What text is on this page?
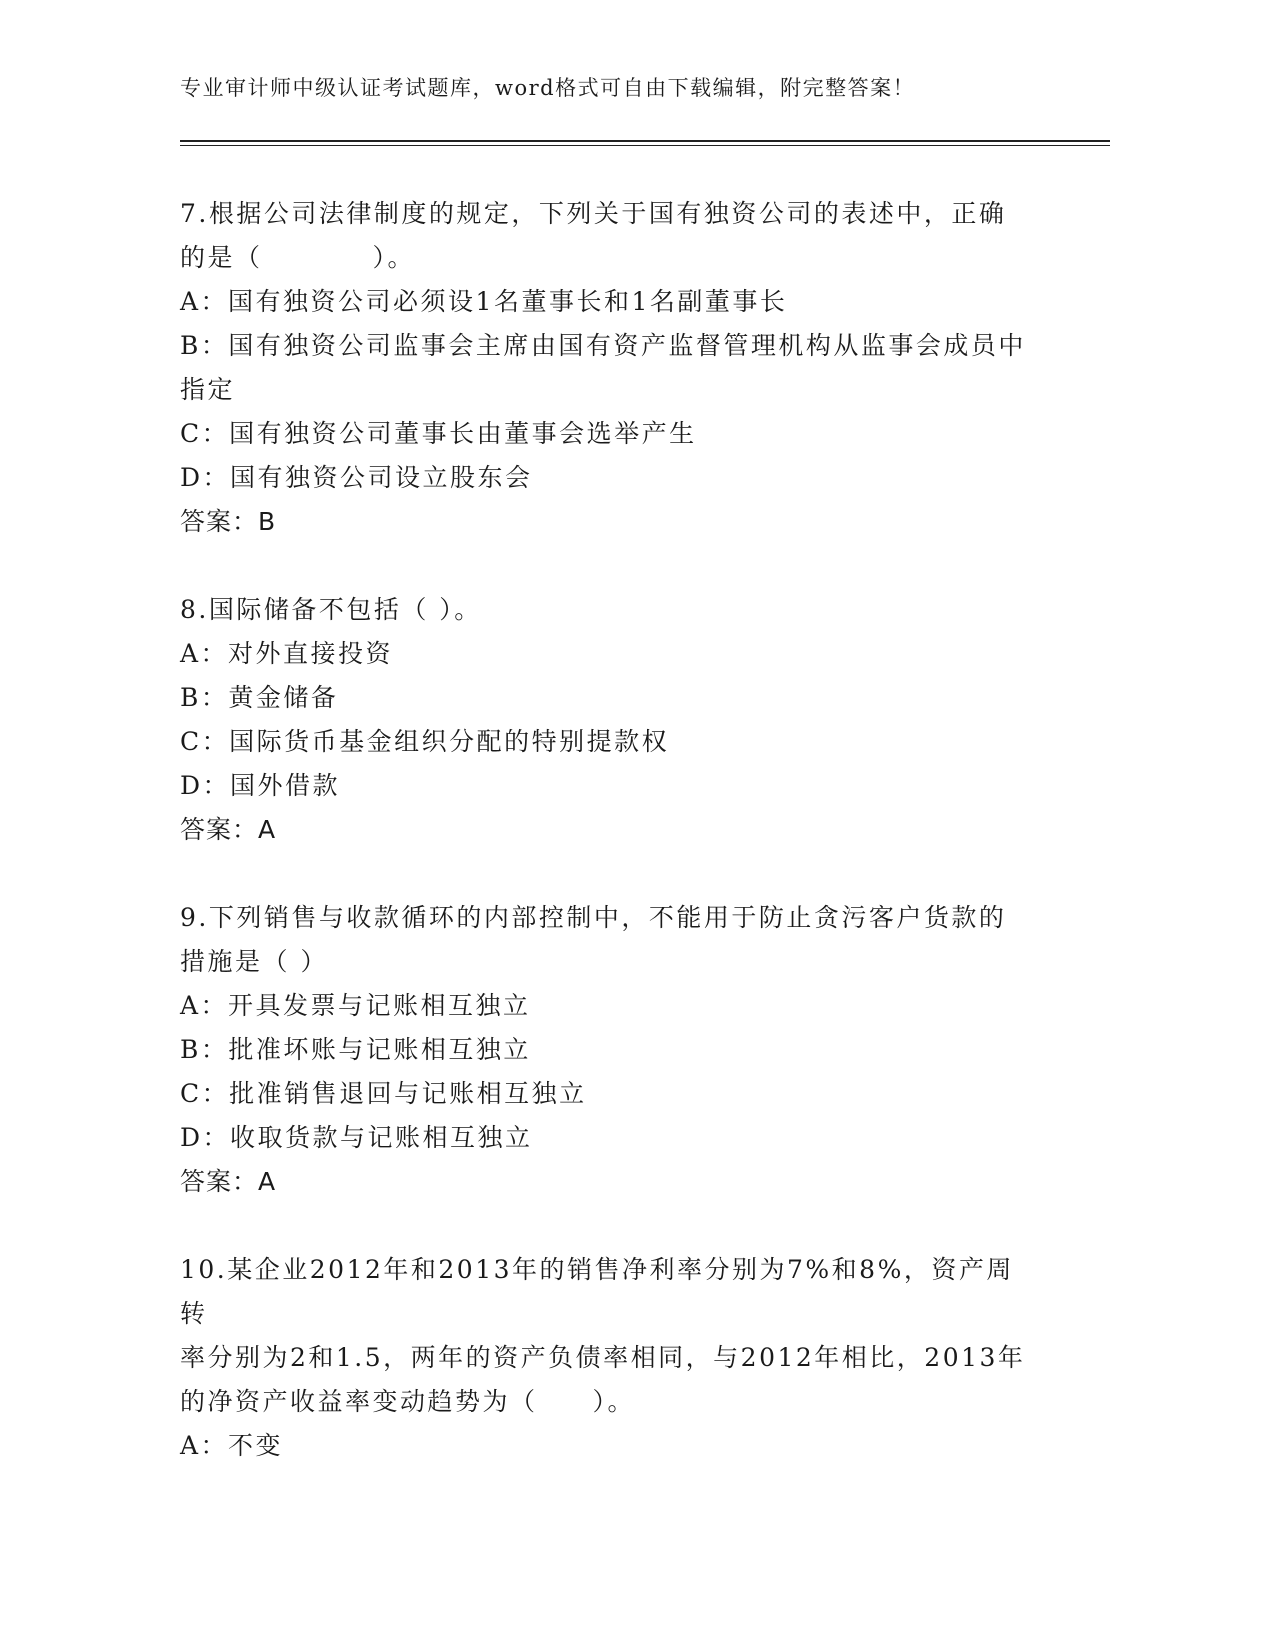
专业审计师中级认证考试题库，word格式可自由下载编辑，附完整答案！
7.根据公司法律制度的规定，下列关于国有独资公司的表述中，正确
的是（　　　　）。
A：国有独资公司必须设1名董事长和1名副董事长
B：国有独资公司监事会主席由国有资产监督管理机构从监事会成员中
指定
C：国有独资公司董事长由董事会选举产生
D：国有独资公司设立股东会
答案：B
8.国际储备不包括（ ）。
A：对外直接投资
B：黄金储备
C：国际货币基金组织分配的特别提款权
D：国外借款
答案：A
9.下列销售与收款循环的内部控制中，不能用于防止贪污客户货款的
措施是（ ）
A：开具发票与记账相互独立
B：批准坏账与记账相互独立
C：批准销售退回与记账相互独立
D：收取货款与记账相互独立
答案：A
10.某企业2012年和2013年的销售净利率分别为7%和8%，资产周转
率分别为2和1.5，两年的资产负债率相同，与2012年相比，2013年
的净资产收益率变动趋势为（　　）。
A：不变
